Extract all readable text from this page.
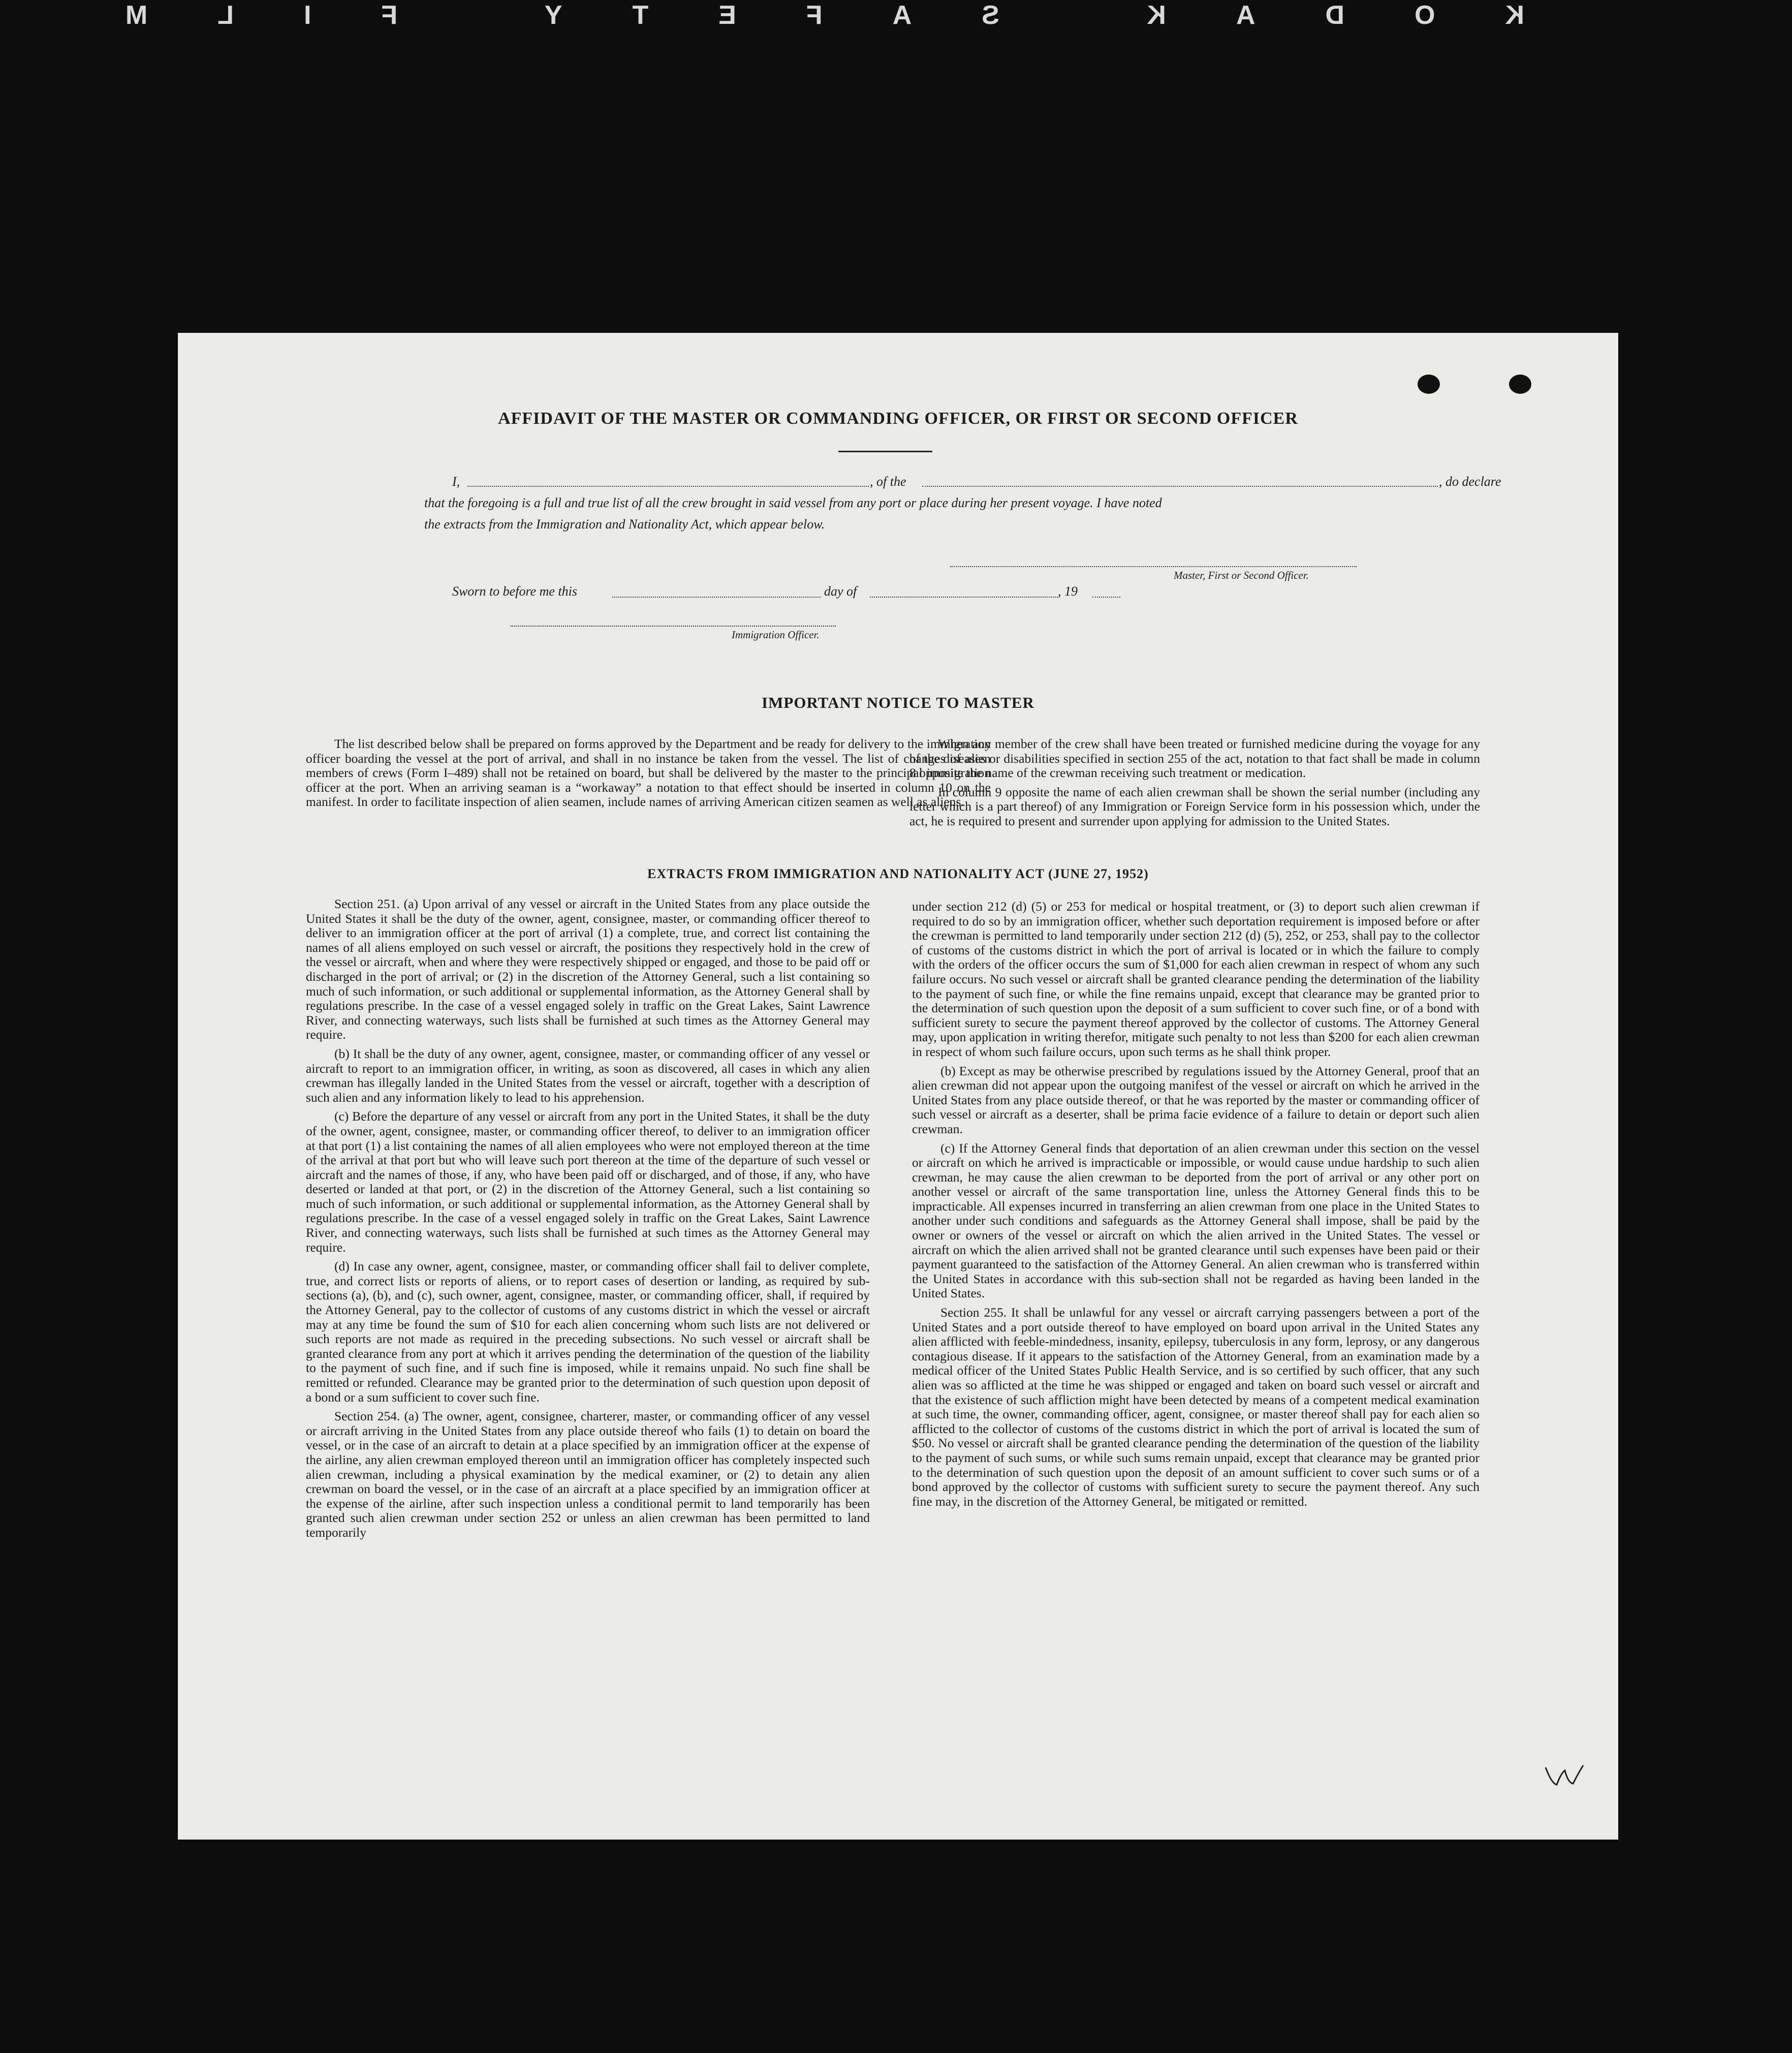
KODAK SAFETY FILM
AFFIDAVIT OF THE MASTER OR COMMANDING OFFICER, OR FIRST OR SECOND OFFICER
I,	, of the	, do declare
that the foregoing is a full and true list of all the crew brought in said vessel from any port or place during her present voyage. I have noted
the extracts from the Immigration and Nationality Act, which appear below.
Master, First or Second Officer.
Sworn to before me this	day of	, 19
Immigration Officer.
IMPORTANT NOTICE TO MASTER

The list described below shall be prepared on forms approved by the Department and be ready for delivery to the immigration officer boarding the vessel at the port of arrival, and shall in no instance be taken from the vessel. The list of changes of alien members of crews (Form I–489) shall not be retained on board, but shall be delivered by the master to the principal immigration officer at the port. When an arriving seaman is a “workaway” a notation to that effect should be inserted in column 10 on the manifest. In order to facilitate inspection of alien seamen, include names of arriving American citizen seamen as well as aliens.

When any member of the crew shall have been treated or furnished medicine during the voyage for any of the diseases or disabilities specified in section 255 of the act, notation to that fact shall be made in column 8 opposite the name of the crewman receiving such treatment or medication.

In column 9 opposite the name of each alien crewman shall be shown the serial number (including any letter which is a part thereof) of any Immigration or Foreign Service form in his possession which, under the act, he is required to present and surrender upon applying for admission to the United States.

EXTRACTS FROM IMMIGRATION AND NATIONALITY ACT (JUNE 27, 1952)

Section 251. (a) Upon arrival of any vessel or aircraft in the United States from any place outside the United States it shall be the duty of the owner, agent, consignee, master, or commanding officer thereof to deliver to an immigration officer at the port of arrival (1) a complete, true, and correct list containing the names of all aliens employed on such vessel or aircraft, the positions they respectively hold in the crew of the vessel or aircraft, when and where they were respectively shipped or engaged, and those to be paid off or discharged in the port of arrival; or (2) in the discretion of the Attorney General, such a list containing so much of such information, or such additional or supplemental information, as the Attorney General shall by regulations prescribe. In the case of a vessel engaged solely in traffic on the Great Lakes, Saint Lawrence River, and connecting waterways, such lists shall be furnished at such times as the Attorney General may require.

(b) It shall be the duty of any owner, agent, consignee, master, or commanding officer of any vessel or aircraft to report to an immigration officer, in writing, as soon as discovered, all cases in which any alien crewman has illegally landed in the United States from the vessel or aircraft, together with a description of such alien and any information likely to lead to his apprehension.

(c) Before the departure of any vessel or aircraft from any port in the United States, it shall be the duty of the owner, agent, consignee, master, or commanding officer thereof, to deliver to an immigration officer at that port (1) a list containing the names of all alien employees who were not employed thereon at the time of the arrival at that port but who will leave such port thereon at the time of the departure of such vessel or aircraft and the names of those, if any, who have been paid off or discharged, and of those, if any, who have deserted or landed at that port, or (2) in the discretion of the Attorney General, such a list containing so much of such information, or such additional or supplemental information, as the Attorney General shall by regulations prescribe. In the case of a vessel engaged solely in traffic on the Great Lakes, Saint Lawrence River, and connecting waterways, such lists shall be furnished at such times as the Attorney General may require.

(d) In case any owner, agent, consignee, master, or commanding officer shall fail to deliver complete, true, and correct lists or reports of aliens, or to report cases of desertion or landing, as required by sub-sections (a), (b), and (c), such owner, agent, consignee, master, or commanding officer, shall, if required by the Attorney General, pay to the collector of customs of any customs district in which the vessel or aircraft may at any time be found the sum of $10 for each alien concerning whom such lists are not delivered or such reports are not made as required in the preceding subsections. No such vessel or aircraft shall be granted clearance from any port at which it arrives pending the determination of the question of the liability to the payment of such fine, and if such fine is imposed, while it remains unpaid. No such fine shall be remitted or refunded. Clearance may be granted prior to the determination of such question upon deposit of a bond or a sum sufficient to cover such fine.

Section 254. (a) The owner, agent, consignee, charterer, master, or commanding officer of any vessel or aircraft arriving in the United States from any place outside thereof who fails (1) to detain on board the vessel, or in the case of an aircraft to detain at a place specified by an immigration officer at the expense of the airline, any alien crewman employed thereon until an immigration officer has completely inspected such alien crewman, including a physical examination by the medical examiner, or (2) to detain any alien crewman on board the vessel, or in the case of an aircraft at a place specified by an immigration officer at the expense of the airline, after such inspection unless a conditional permit to land temporarily has been granted such alien crewman under section 252 or unless an alien crewman has been permitted to land temporarily

under section 212 (d) (5) or 253 for medical or hospital treatment, or (3) to deport such alien crewman if required to do so by an immigration officer, whether such deportation requirement is imposed before or after the crewman is permitted to land temporarily under section 212 (d) (5), 252, or 253, shall pay to the collector of customs of the customs district in which the port of arrival is located or in which the failure to comply with the orders of the officer occurs the sum of $1,000 for each alien crewman in respect of whom any such failure occurs. No such vessel or aircraft shall be granted clearance pending the determination of the liability to the payment of such fine, or while the fine remains unpaid, except that clearance may be granted prior to the determination of such question upon the deposit of a sum sufficient to cover such fine, or of a bond with sufficient surety to secure the payment thereof approved by the collector of customs. The Attorney General may, upon application in writing therefor, mitigate such penalty to not less than $200 for each alien crewman in respect of whom such failure occurs, upon such terms as he shall think proper.

(b) Except as may be otherwise prescribed by regulations issued by the Attorney General, proof that an alien crewman did not appear upon the outgoing manifest of the vessel or aircraft on which he arrived in the United States from any place outside thereof, or that he was reported by the master or commanding officer of such vessel or aircraft as a deserter, shall be prima facie evidence of a failure to detain or deport such alien crewman.

(c) If the Attorney General finds that deportation of an alien crewman under this section on the vessel or aircraft on which he arrived is impracticable or impossible, or would cause undue hardship to such alien crewman, he may cause the alien crewman to be deported from the port of arrival or any other port on another vessel or aircraft of the same transportation line, unless the Attorney General finds this to be impracticable. All expenses incurred in transferring an alien crewman from one place in the United States to another under such conditions and safeguards as the Attorney General shall impose, shall be paid by the owner or owners of the vessel or aircraft on which the alien arrived in the United States. The vessel or aircraft on which the alien arrived shall not be granted clearance until such expenses have been paid or their payment guaranteed to the satisfaction of the Attorney General. An alien crewman who is transferred within the United States in accordance with this sub-section shall not be regarded as having been landed in the United States.

Section 255. It shall be unlawful for any vessel or aircraft carrying passengers between a port of the United States and a port outside thereof to have employed on board upon arrival in the United States any alien afflicted with feeble-mindedness, insanity, epilepsy, tuberculosis in any form, leprosy, or any dangerous contagious disease. If it appears to the satisfaction of the Attorney General, from an examination made by a medical officer of the United States Public Health Service, and is so certified by such officer, that any such alien was so afflicted at the time he was shipped or engaged and taken on board such vessel or aircraft and that the existence of such affliction might have been detected by means of a competent medical examination at such time, the owner, commanding officer, agent, consignee, or master thereof shall pay for each alien so afflicted to the collector of customs of the customs district in which the port of arrival is located the sum of $50. No vessel or aircraft shall be granted clearance pending the determination of the question of the liability to the payment of such sums, or while such sums remain unpaid, except that clearance may be granted prior to the determination of such question upon the deposit of an amount sufficient to cover such sums or of a bond approved by the collector of customs with sufficient surety to secure the payment thereof. Any such fine may, in the discretion of the Attorney General, be mitigated or remitted.
